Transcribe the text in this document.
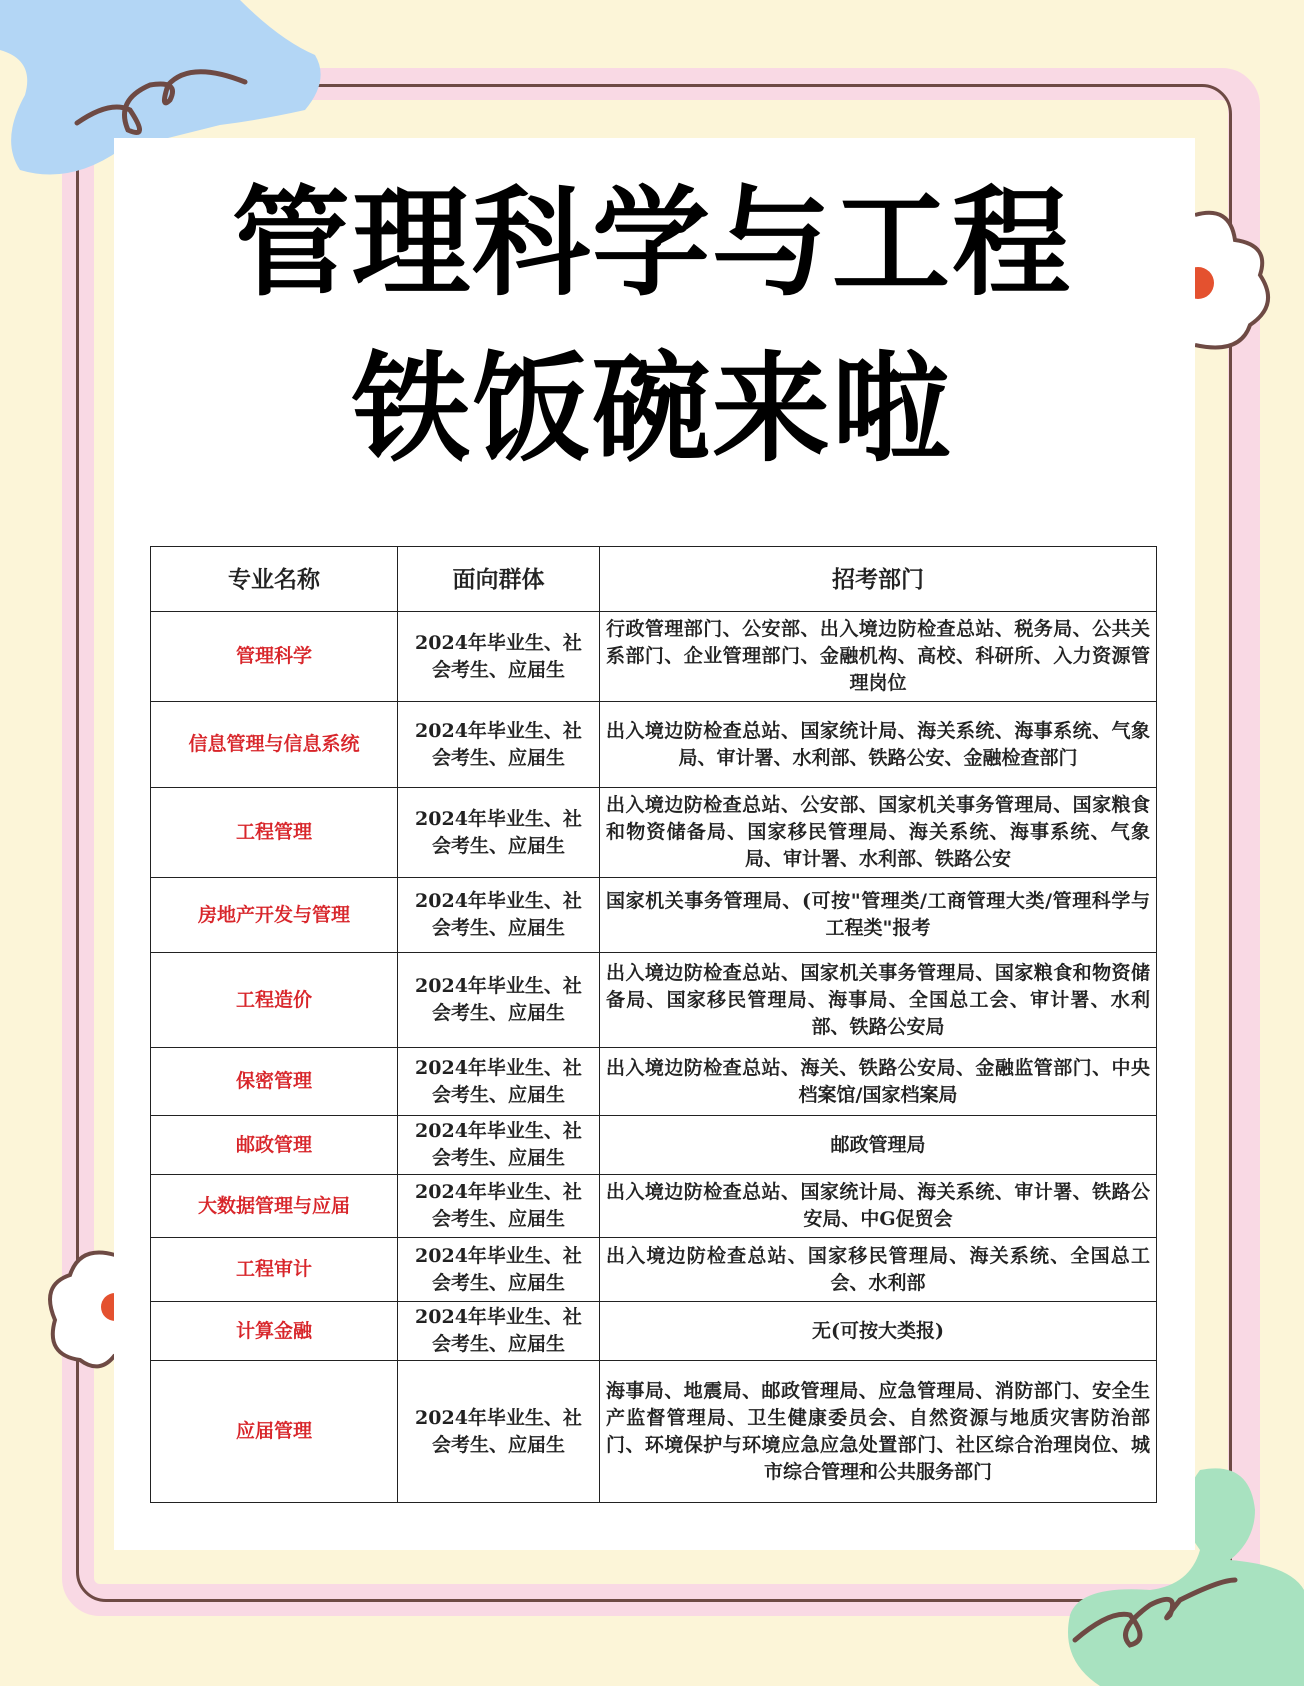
管理科学与工程
铁饭碗来啦
专业名称	面向群体	招考部门
管理科学	2024年毕业生、社会考生、应届生	行政管理部门、公安部、出入境边防检查总站、税务局、公共关系部门、企业管理部门、金融机构、高校、科研所、入力资源管理岗位
信息管理与信息系统	2024年毕业生、社会考生、应届生	出入境边防检查总站、国家统计局、海关系统、海事系统、气象局、审计署、水利部、铁路公安、金融检查部门
工程管理	2024年毕业生、社会考生、应届生	出入境边防检查总站、公安部、国家机关事务管理局、国家粮食和物资储备局、国家移民管理局、海关系统、海事系统、气象局、审计署、水利部、铁路公安
房地产开发与管理	2024年毕业生、社会考生、应届生	国家机关事务管理局、(可按"管理类/工商管理大类/管理科学与工程类"报考
工程造价	2024年毕业生、社会考生、应届生	出入境边防检查总站、国家机关事务管理局、国家粮食和物资储备局、国家移民管理局、海事局、全国总工会、审计署、水利部、铁路公安局
保密管理	2024年毕业生、社会考生、应届生	出入境边防检查总站、海关、铁路公安局、金融监管部门、中央档案馆/国家档案局
邮政管理	2024年毕业生、社会考生、应届生	邮政管理局
大数据管理与应届	2024年毕业生、社会考生、应届生	出入境边防检查总站、国家统计局、海关系统、审计署、铁路公安局、中G促贸会
工程审计	2024年毕业生、社会考生、应届生	出入境边防检查总站、国家移民管理局、海关系统、全国总工会、水利部
计算金融	2024年毕业生、社会考生、应届生	无(可按大类报)
应届管理	2024年毕业生、社会考生、应届生	海事局、地震局、邮政管理局、应急管理局、消防部门、安全生产监督管理局、卫生健康委员会、自然资源与地质灾害防治部门、环境保护与环境应急应急处置部门、社区综合治理岗位、城市综合管理和公共服务部门
